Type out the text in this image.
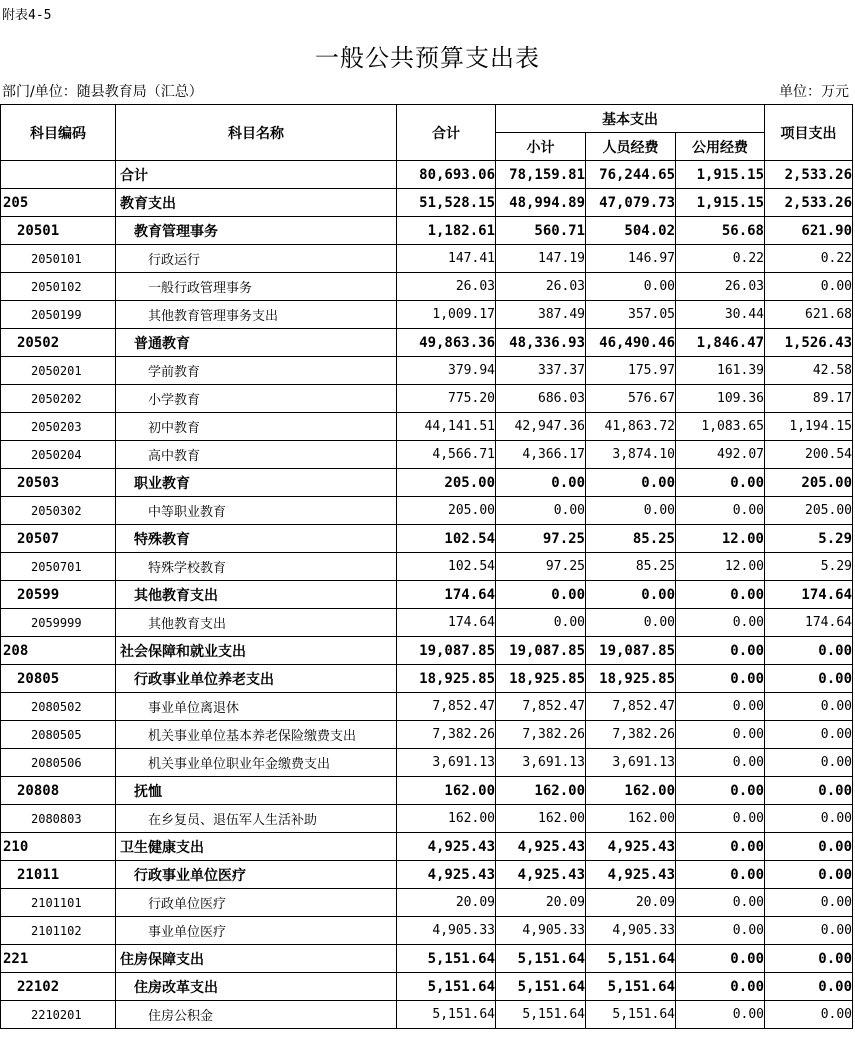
附表4-5
一般公共预算支出表
部门/单位：随县教育局（汇总）	单位：万元
科目编码	科目名称	合计	基本支出			项目支出
			小计	人员经费	公用经费	
	合计	80,693.06	78,159.81	76,244.65	1,915.15	2,533.26
205	教育支出	51,528.15	48,994.89	47,079.73	1,915.15	2,533.26
20501	教育管理事务	1,182.61	560.71	504.02	56.68	621.90
2050101	行政运行	147.41	147.19	146.97	0.22	0.22
2050102	一般行政管理事务	26.03	26.03	0.00	26.03	0.00
2050199	其他教育管理事务支出	1,009.17	387.49	357.05	30.44	621.68
20502	普通教育	49,863.36	48,336.93	46,490.46	1,846.47	1,526.43
2050201	学前教育	379.94	337.37	175.97	161.39	42.58
2050202	小学教育	775.20	686.03	576.67	109.36	89.17
2050203	初中教育	44,141.51	42,947.36	41,863.72	1,083.65	1,194.15
2050204	高中教育	4,566.71	4,366.17	3,874.10	492.07	200.54
20503	职业教育	205.00	0.00	0.00	0.00	205.00
2050302	中等职业教育	205.00	0.00	0.00	0.00	205.00
20507	特殊教育	102.54	97.25	85.25	12.00	5.29
2050701	特殊学校教育	102.54	97.25	85.25	12.00	5.29
20599	其他教育支出	174.64	0.00	0.00	0.00	174.64
2059999	其他教育支出	174.64	0.00	0.00	0.00	174.64
208	社会保障和就业支出	19,087.85	19,087.85	19,087.85	0.00	0.00
20805	行政事业单位养老支出	18,925.85	18,925.85	18,925.85	0.00	0.00
2080502	事业单位离退休	7,852.47	7,852.47	7,852.47	0.00	0.00
2080505	机关事业单位基本养老保险缴费支出	7,382.26	7,382.26	7,382.26	0.00	0.00
2080506	机关事业单位职业年金缴费支出	3,691.13	3,691.13	3,691.13	0.00	0.00
20808	抚恤	162.00	162.00	162.00	0.00	0.00
2080803	在乡复员、退伍军人生活补助	162.00	162.00	162.00	0.00	0.00
210	卫生健康支出	4,925.43	4,925.43	4,925.43	0.00	0.00
21011	行政事业单位医疗	4,925.43	4,925.43	4,925.43	0.00	0.00
2101101	行政单位医疗	20.09	20.09	20.09	0.00	0.00
2101102	事业单位医疗	4,905.33	4,905.33	4,905.33	0.00	0.00
221	住房保障支出	5,151.64	5,151.64	5,151.64	0.00	0.00
22102	住房改革支出	5,151.64	5,151.64	5,151.64	0.00	0.00
2210201	住房公积金	5,151.64	5,151.64	5,151.64	0.00	0.00
